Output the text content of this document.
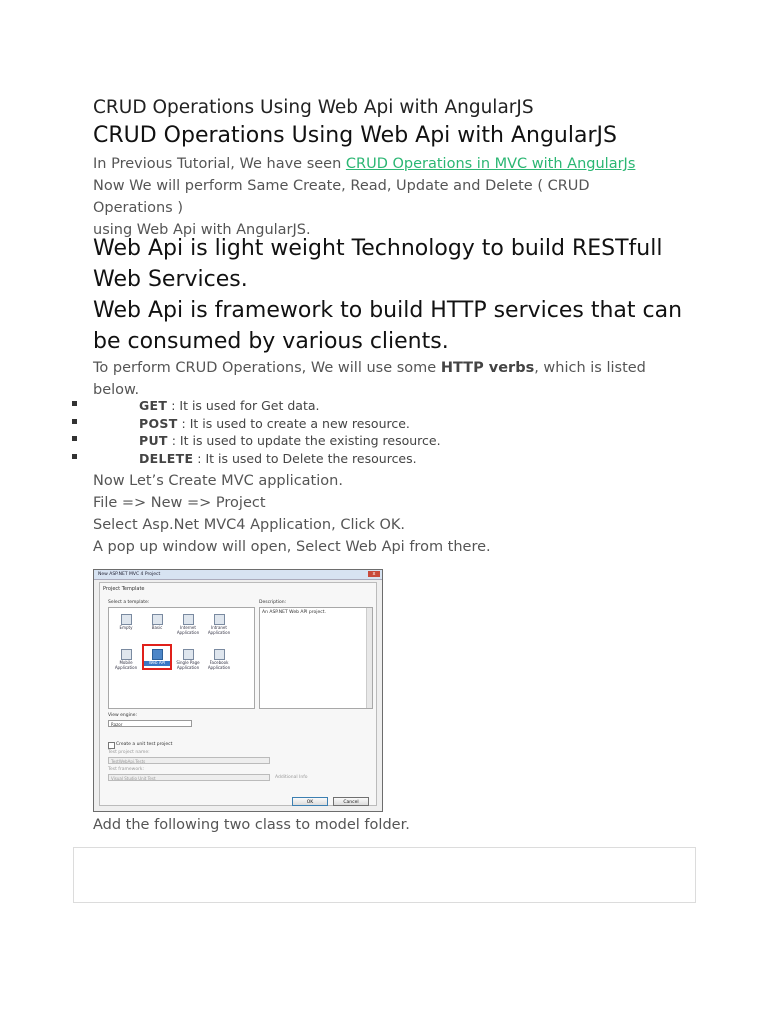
CRUD Operations Using Web Api with AngularJS
CRUD Operations Using Web Api with AngularJS
In Previous Tutorial, We have seen CRUD Operations in MVC with AngularJs
Now We will perform Same Create, Read, Update and Delete ( CRUD Operations )
using Web Api with AngularJS.
Web Api is light weight Technology to build RESTfull Web Services.
Web Api is framework to build HTTP services that can be consumed by various clients.
To perform CRUD Operations, We will use some HTTP verbs, which is listed below.
GET : It is used for Get data.
POST : It is used to create a new resource.
PUT : It is used to update the existing resource.
DELETE : It is used to Delete the resources.
Now Let’s Create MVC application.
File => New => Project
Select Asp.Net MVC4 Application, Click OK.
A pop up window will open, Select Web Api from there.
Add the following two class to model folder.
New ASP.NET MVC 4 Project	x
Project Template
Select a template:	Description:
Empty	Basic	Internet Application
Intranet Application
Mobile Application
Web API	Single Page Application
Facebook Application
An ASP.NET Web API project.
View engine:
Razor
Create a unit test project
Test project name:
TestWebApi.Tests
Test framework:
Visual Studio Unit Test	Additional Info
OK	Cancel
